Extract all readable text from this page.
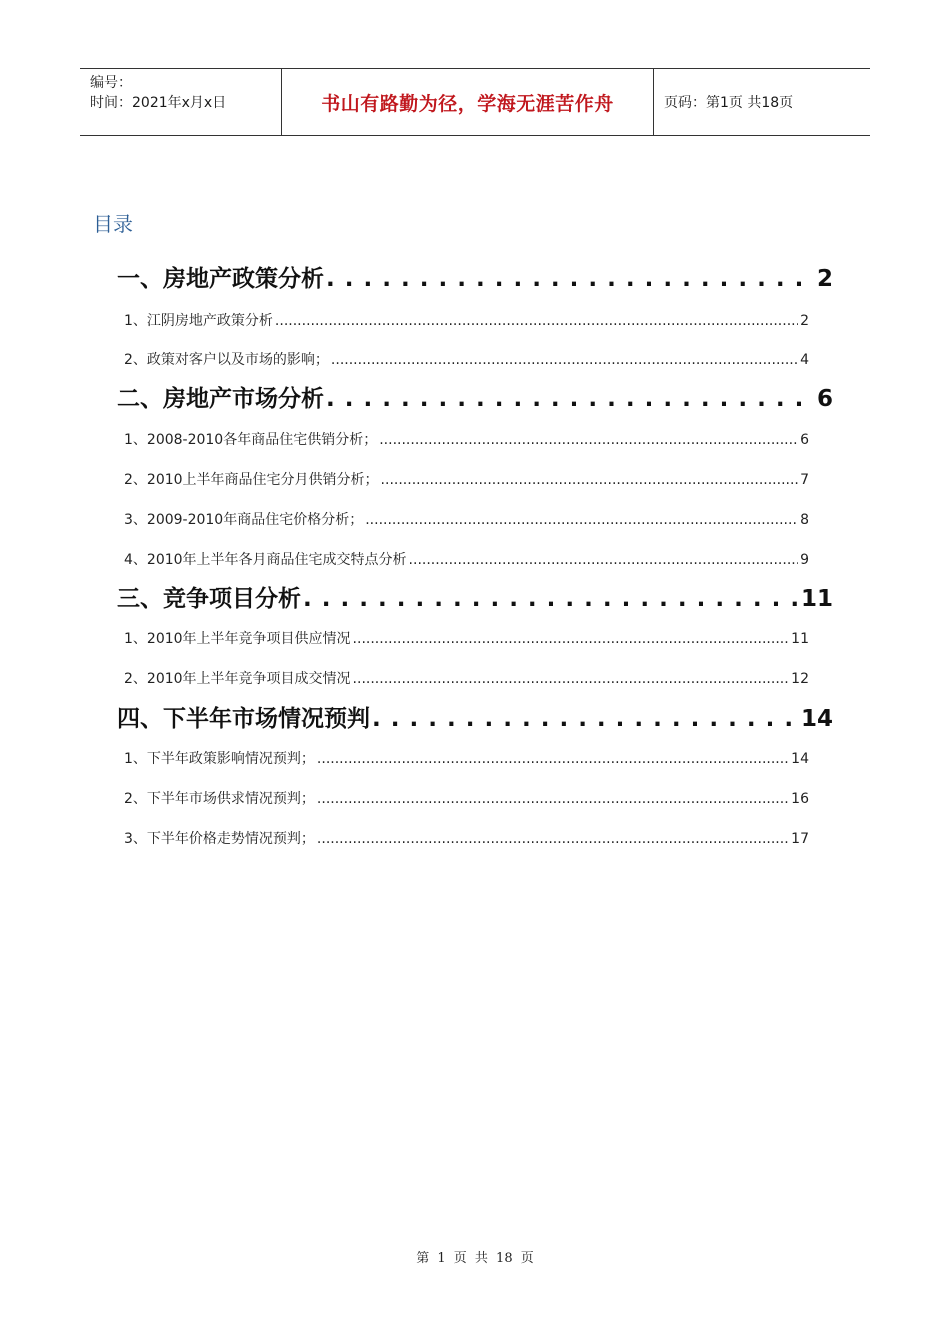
编号：
时间：2021年x月x日	书山有路勤为径，学海无涯苦作舟	页码：第1页 共18页
目录
一、房地产政策分析 . . .	2
1、江阴房地产政策分析 .....	2
2、政策对客户以及市场的影响； .....	4
二、房地产市场分析 . . .	6
1、2008-2010各年商品住宅供销分析； .....	6
2、2010上半年商品住宅分月供销分析； .....	7
3、2009-2010年商品住宅价格分析； .....	8
4、2010年上半年各月商品住宅成交特点分析 .....	9
三、竞争项目分析 . . .	11
1、2010年上半年竞争项目供应情况 .....	11
2、2010年上半年竞争项目成交情况 .....	12
四、下半年市场情况预判 . . .	14
1、下半年政策影响情况预判； .....	14
2、下半年市场供求情况预判； .....	16
3、下半年价格走势情况预判； .....	17
第 1 页 共 18 页
